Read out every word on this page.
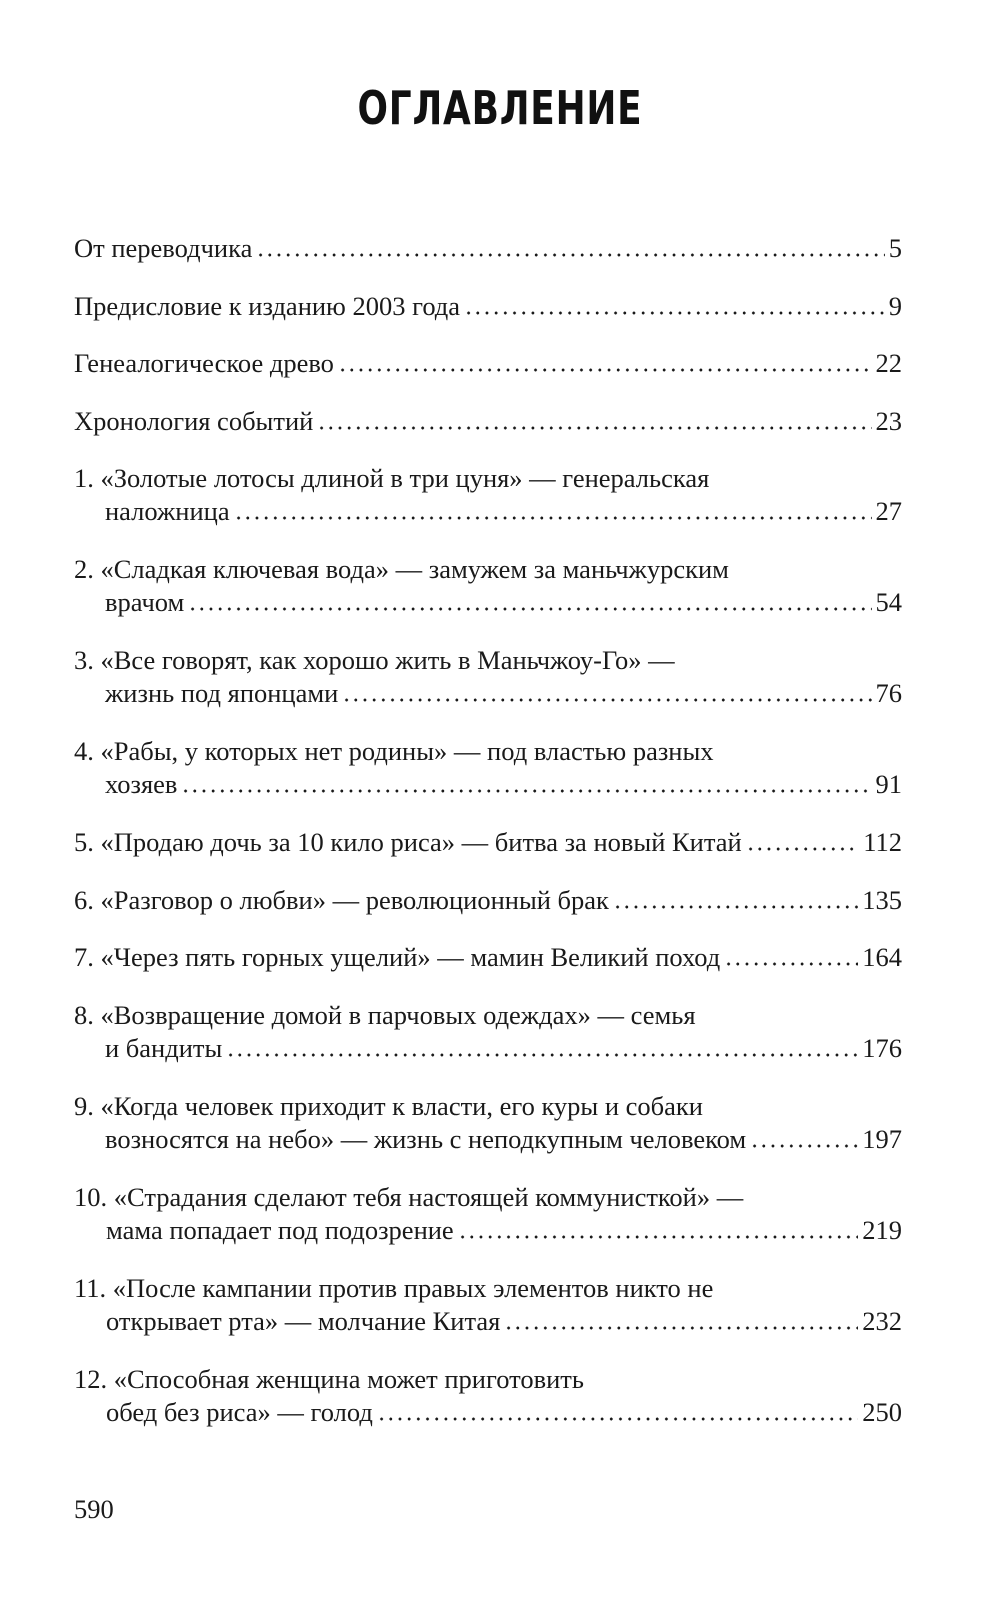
ОГЛАВЛЕНИЕ
От переводчика	5
Предисловие к изданию 2003 года	9
Генеалогическое древо	22
Хронология событий	23
1. «Золотые лотосы длиной в три цуня» — генеральская
наложница	27
2. «Сладкая ключевая вода» — замужем за маньчжурским
врачом	54
3. «Все говорят, как хорошо жить в Маньчжоу-Го» —
жизнь под японцами	76
4. «Рабы, у которых нет родины» — под властью разных
хозяев	91
5. «Продаю дочь за 10 кило риса» — битва за новый Китай	112
6. «Разговор о любви» — революционный брак	135
7. «Через пять горных ущелий» — мамин Великий поход	164
8. «Возвращение домой в парчовых одеждах» — семья
и бандиты	176
9. «Когда человек приходит к власти, его куры и собаки
возносятся на небо» — жизнь с неподкупным человеком	197
10. «Страдания сделают тебя настоящей коммунисткой» —
мама попадает под подозрение	219
11. «После кампании против правых элементов никто не
открывает рта» — молчание Китая	232
12. «Способная женщина может приготовить
обед без риса» — голод	250
590
